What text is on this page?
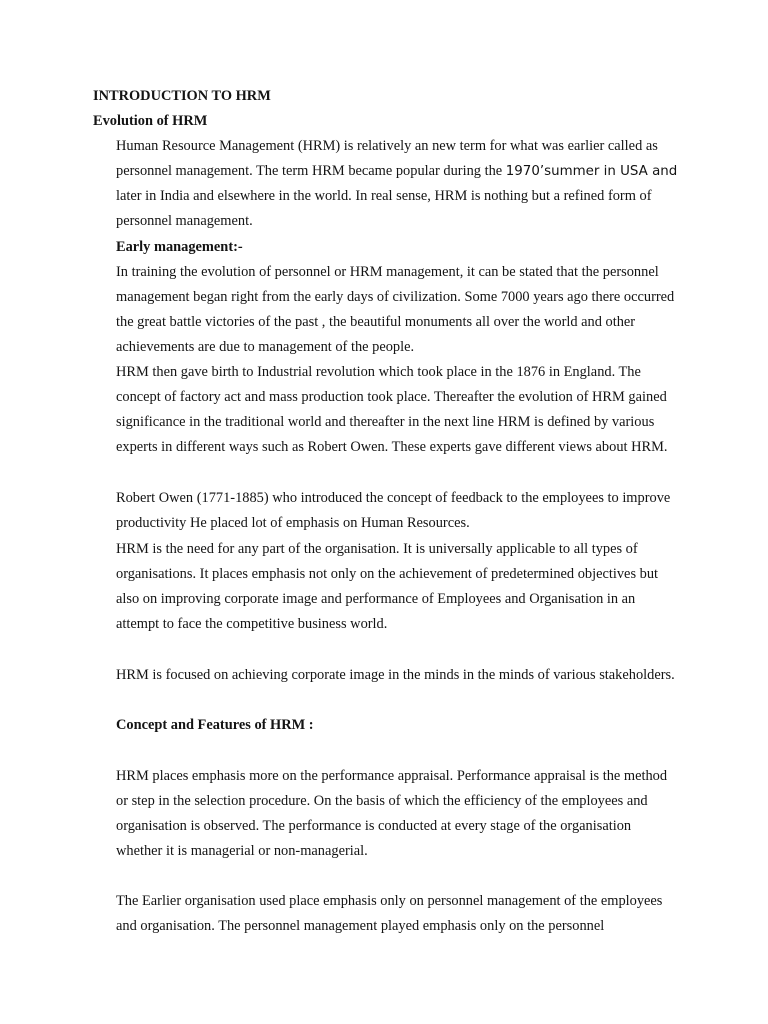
INTRODUCTION TO HRM

Evolution of HRM

Human Resource Management (HRM) is relatively an new term for what was earlier called as

personnel management. The term HRM became popular during the 1970’summer in USA and

later in India and elsewhere in the world. In real sense, HRM is nothing but a refined form of

personnel management.

Early management:-

In training the evolution of personnel or HRM management, it can be stated that the personnel

management began right from the early days of civilization. Some 7000 years ago there occurred

the great battle victories of the past , the beautiful monuments all over the world and other

achievements are due to management of the people.

HRM then gave birth to Industrial revolution which took place in the 1876 in England. The

concept of factory act and mass production took place. Thereafter the evolution of HRM gained

significance in the traditional world and thereafter in the next line HRM is defined by various

experts in different ways such as Robert Owen. These experts gave different views about HRM.

Robert Owen (1771-1885) who introduced the concept of feedback to the employees to improve

productivity He placed lot of emphasis on Human Resources.

HRM is the need for any part of the organisation. It is universally applicable to all types of

organisations. It places emphasis not only on the achievement of predetermined objectives but

also on improving corporate image and performance of Employees and Organisation in an

attempt to face the competitive business world.

HRM is focused on achieving corporate image in the minds in the minds of various stakeholders.

Concept and Features of HRM :

HRM places emphasis more on the performance appraisal. Performance appraisal is the method

or step in the selection procedure. On the basis of which the efficiency of the employees and

organisation is observed. The performance is conducted at every stage of the organisation

whether it is managerial or non-managerial.

The Earlier organisation used place emphasis only on personnel management of the employees

and organisation. The personnel management played emphasis only on the personnel
